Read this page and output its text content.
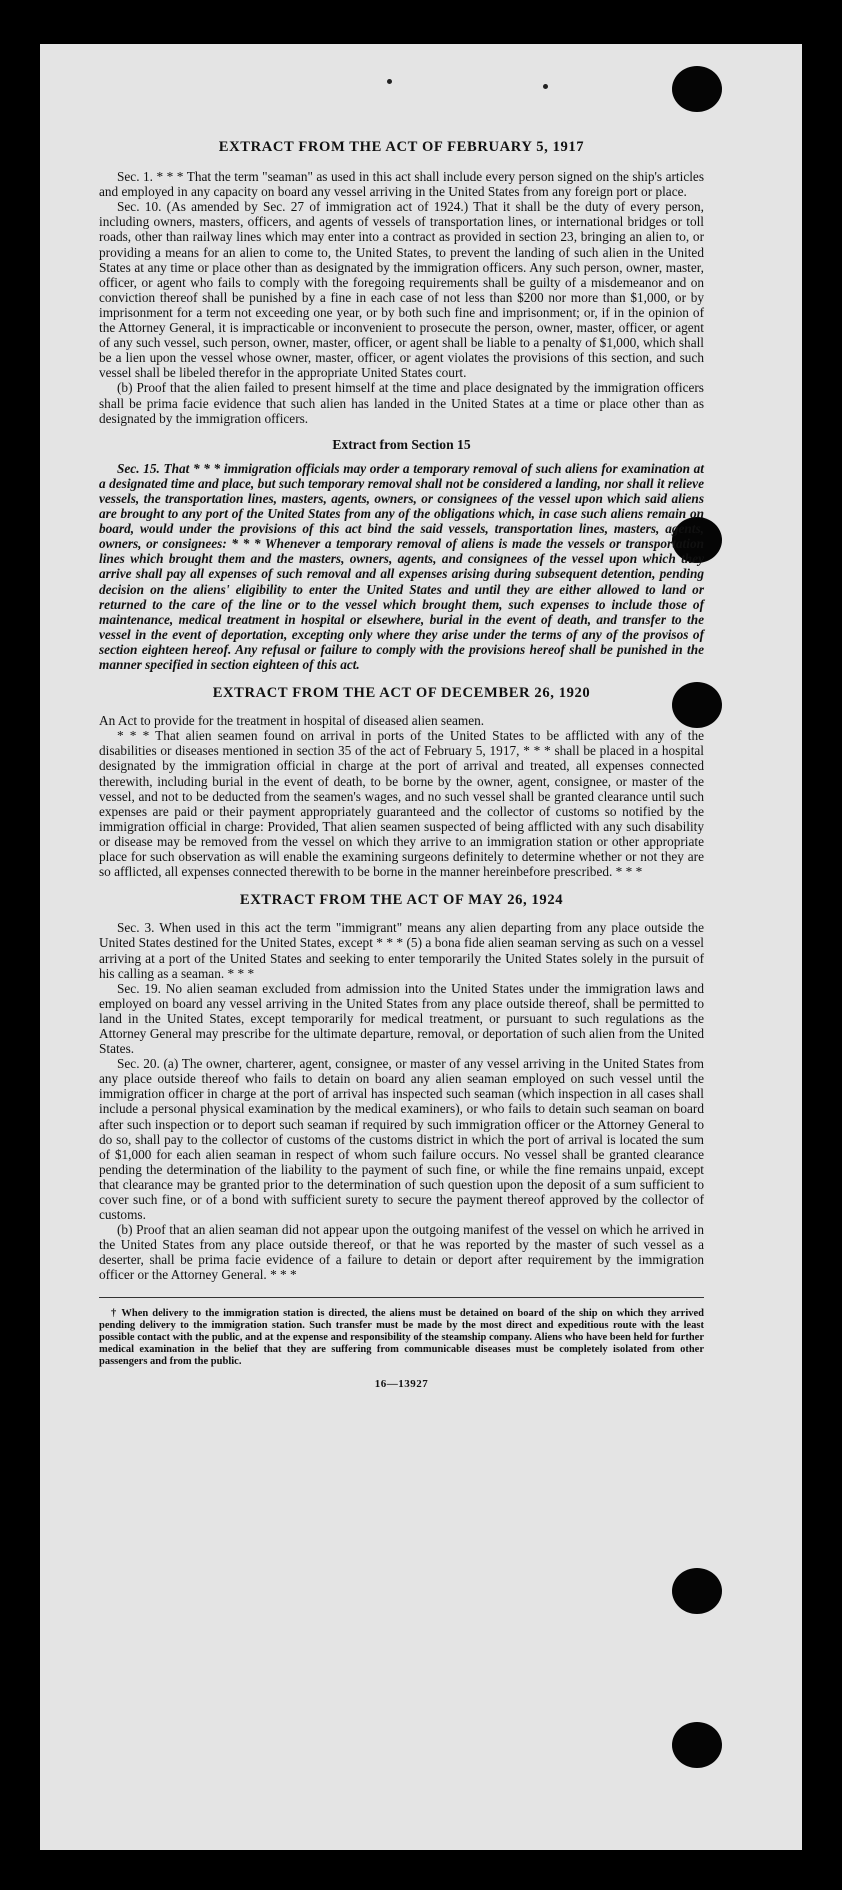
EXTRACT FROM THE ACT OF FEBRUARY 5, 1917

Sec. 1. * * * That the term "seaman" as used in this act shall include every person signed on the ship's articles and employed in any capacity on board any vessel arriving in the United States from any foreign port or place.

Sec. 10. (As amended by Sec. 27 of immigration act of 1924.) That it shall be the duty of every person, including owners, masters, officers, and agents of vessels of transportation lines, or international bridges or toll roads, other than railway lines which may enter into a contract as provided in section 23, bringing an alien to, or providing a means for an alien to come to, the United States, to prevent the landing of such alien in the United States at any time or place other than as designated by the immigration officers. Any such person, owner, master, officer, or agent who fails to comply with the foregoing requirements shall be guilty of a misdemeanor and on conviction thereof shall be punished by a fine in each case of not less than $200 nor more than $1,000, or by imprisonment for a term not exceeding one year, or by both such fine and imprisonment; or, if in the opinion of the Attorney General, it is impracticable or inconvenient to prosecute the person, owner, master, officer, or agent of any such vessel, such person, owner, master, officer, or agent shall be liable to a penalty of $1,000, which shall be a lien upon the vessel whose owner, master, officer, or agent violates the provisions of this section, and such vessel shall be libeled therefor in the appropriate United States court.

(b) Proof that the alien failed to present himself at the time and place designated by the immigration officers shall be prima facie evidence that such alien has landed in the United States at a time or place other than as designated by the immigration officers.

Extract from Section 15

Sec. 15. That * * * immigration officials may order a temporary removal of such aliens for examination at a designated time and place, but such temporary removal shall not be considered a landing, nor shall it relieve vessels, the transportation lines, masters, agents, owners, or consignees of the vessel upon which said aliens are brought to any port of the United States from any of the obligations which, in case such aliens remain on board, would under the provisions of this act bind the said vessels, transportation lines, masters, agents, owners, or consignees: * * * Whenever a temporary removal of aliens is made the vessels or transportation lines which brought them and the masters, owners, agents, and consignees of the vessel upon which they arrive shall pay all expenses of such removal and all expenses arising during subsequent detention, pending decision on the aliens' eligibility to enter the United States and until they are either allowed to land or returned to the care of the line or to the vessel which brought them, such expenses to include those of maintenance, medical treatment in hospital or elsewhere, burial in the event of death, and transfer to the vessel in the event of deportation, excepting only where they arise under the terms of any of the provisos of section eighteen hereof. Any refusal or failure to comply with the provisions hereof shall be punished in the manner specified in section eighteen of this act.

EXTRACT FROM THE ACT OF DECEMBER 26, 1920

An Act to provide for the treatment in hospital of diseased alien seamen.

* * * That alien seamen found on arrival in ports of the United States to be afflicted with any of the disabilities or diseases mentioned in section 35 of the act of February 5, 1917, * * * shall be placed in a hospital designated by the immigration official in charge at the port of arrival and treated, all expenses connected therewith, including burial in the event of death, to be borne by the owner, agent, consignee, or master of the vessel, and not to be deducted from the seamen's wages, and no such vessel shall be granted clearance until such expenses are paid or their payment appropriately guaranteed and the collector of customs so notified by the immigration official in charge: Provided, That alien seamen suspected of being afflicted with any such disability or disease may be removed from the vessel on which they arrive to an immigration station or other appropriate place for such observation as will enable the examining surgeons definitely to determine whether or not they are so afflicted, all expenses connected therewith to be borne in the manner hereinbefore prescribed. * * *

EXTRACT FROM THE ACT OF MAY 26, 1924

Sec. 3. When used in this act the term "immigrant" means any alien departing from any place outside the United States destined for the United States, except * * * (5) a bona fide alien seaman serving as such on a vessel arriving at a port of the United States and seeking to enter temporarily the United States solely in the pursuit of his calling as a seaman. * * *

Sec. 19. No alien seaman excluded from admission into the United States under the immigration laws and employed on board any vessel arriving in the United States from any place outside thereof, shall be permitted to land in the United States, except temporarily for medical treatment, or pursuant to such regulations as the Attorney General may prescribe for the ultimate departure, removal, or deportation of such alien from the United States.

Sec. 20. (a) The owner, charterer, agent, consignee, or master of any vessel arriving in the United States from any place outside thereof who fails to detain on board any alien seaman employed on such vessel until the immigration officer in charge at the port of arrival has inspected such seaman (which inspection in all cases shall include a personal physical examination by the medical examiners), or who fails to detain such seaman on board after such inspection or to deport such seaman if required by such immigration officer or the Attorney General to do so, shall pay to the collector of customs of the customs district in which the port of arrival is located the sum of $1,000 for each alien seaman in respect of whom such failure occurs. No vessel shall be granted clearance pending the determination of the liability to the payment of such fine, or while the fine remains unpaid, except that clearance may be granted prior to the determination of such question upon the deposit of a sum sufficient to cover such fine, or of a bond with sufficient surety to secure the payment thereof approved by the collector of customs.

(b) Proof that an alien seaman did not appear upon the outgoing manifest of the vessel on which he arrived in the United States from any place outside thereof, or that he was reported by the master of such vessel as a deserter, shall be prima facie evidence of a failure to detain or deport after requirement by the immigration officer or the Attorney General. * * *

† When delivery to the immigration station is directed, the aliens must be detained on board of the ship on which they arrived pending delivery to the immigration station. Such transfer must be made by the most direct and expeditious route with the least possible contact with the public, and at the expense and responsibility of the steamship company. Aliens who have been held for further medical examination in the belief that they are suffering from communicable diseases must be completely isolated from other passengers and from the public.
16—13927
